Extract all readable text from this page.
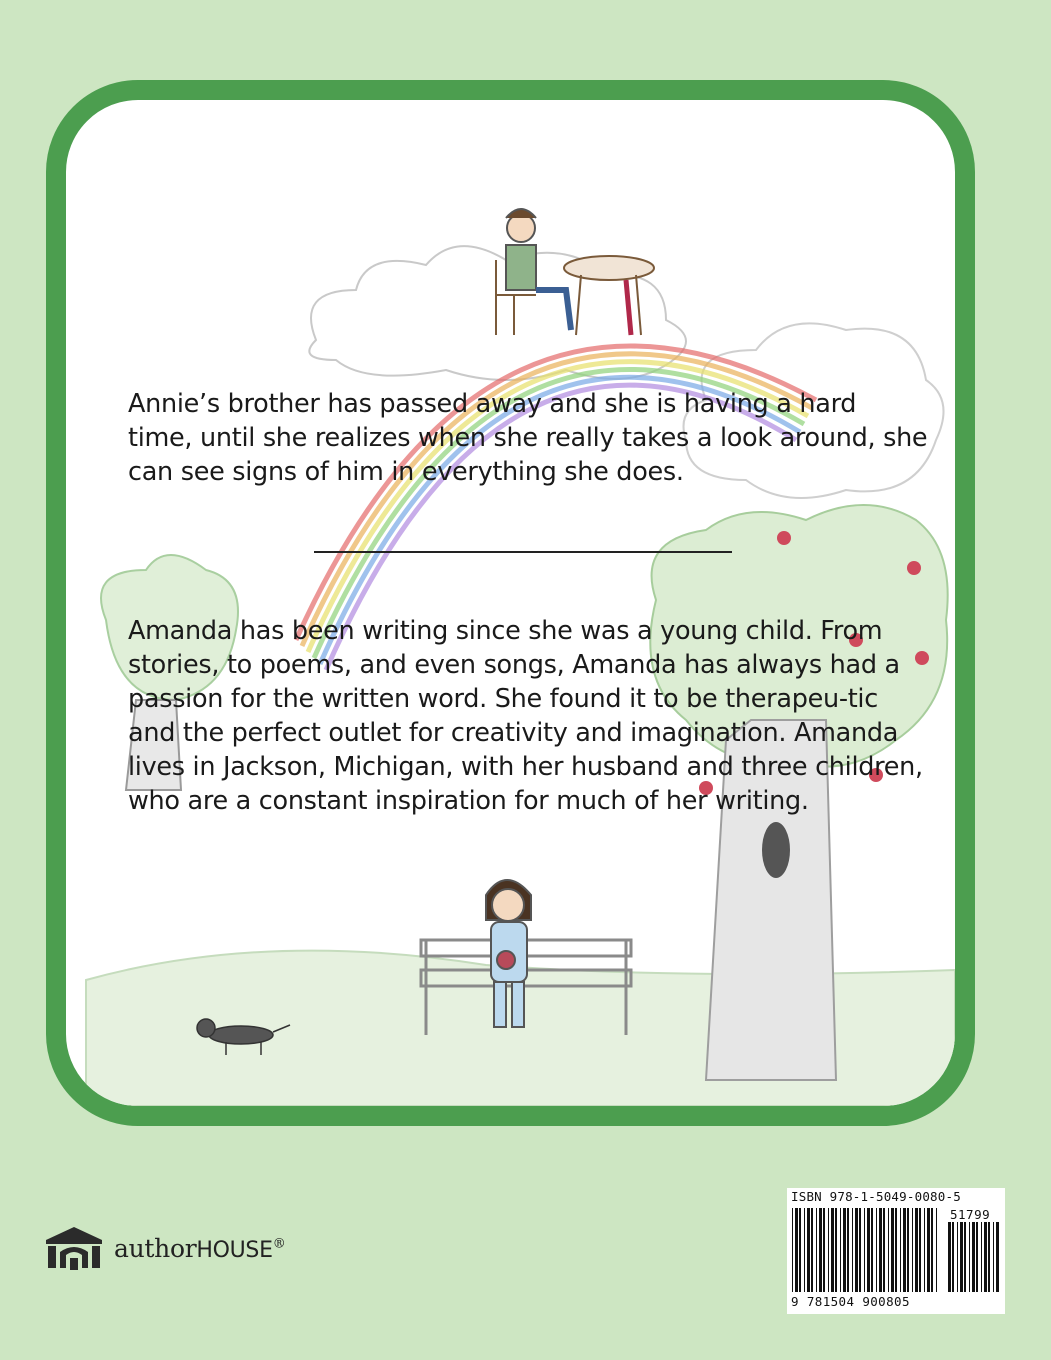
Annie’s brother has passed away and she is having a hard time, until she realizes when she really takes a look around, she can see signs of him in everything she does.

Amanda has been writing since she was a young child. From stories, to poems, and even songs, Amanda has always had a passion for the written word. She found it to be therapeu-tic and the perfect outlet for creativity and imagination. Amanda lives in Jackson, Michigan, with her husband and three children, who are a constant inspiration for much of her writing.

authorHOUSE®
ISBN 978-1-5049-0080-5
51799
9 781504 900805
